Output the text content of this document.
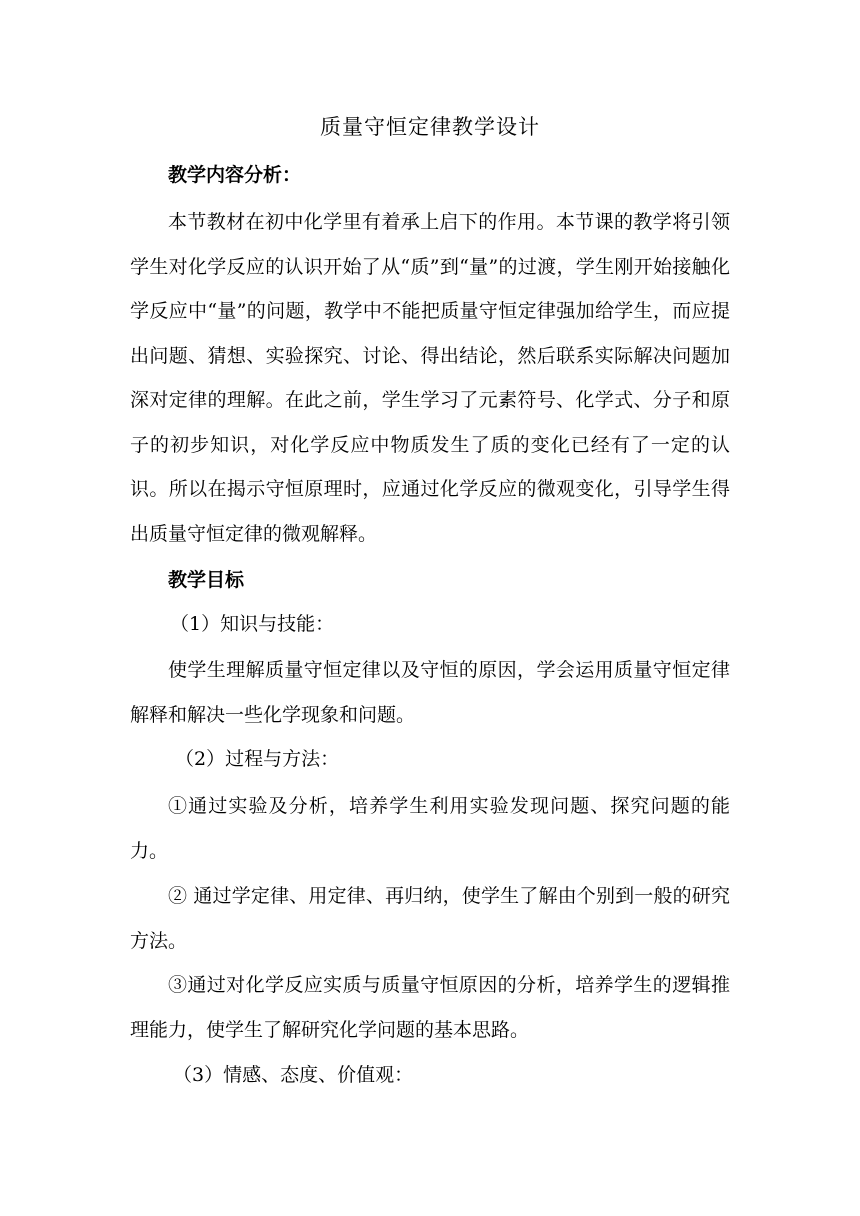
质量守恒定律教学设计
教学内容分析：
本节教材在初中化学里有着承上启下的作用。本节课的教学将引领学生对化学反应的认识开始了从“质”到“量”的过渡，学生刚开始接触化学反应中“量”的问题，教学中不能把质量守恒定律强加给学生，而应提出问题、猜想、实验探究、讨论、得出结论，然后联系实际解决问题加深对定律的理解。在此之前，学生学习了元素符号、化学式、分子和原子的初步知识，对化学反应中物质发生了质的变化已经有了一定的认识。所以在揭示守恒原理时，应通过化学反应的微观变化，引导学生得出质量守恒定律的微观解释。
教学目标
（1）知识与技能：
使学生理解质量守恒定律以及守恒的原因，学会运用质量守恒定律解释和解决一些化学现象和问题。
（2）过程与方法：
①通过实验及分析，培养学生利用实验发现问题、探究问题的能力。
② 通过学定律、用定律、再归纳，使学生了解由个别到一般的研究方法。
③通过对化学反应实质与质量守恒原因的分析，培养学生的逻辑推理能力，使学生了解研究化学问题的基本思路。
（3）情感、态度、价值观：
